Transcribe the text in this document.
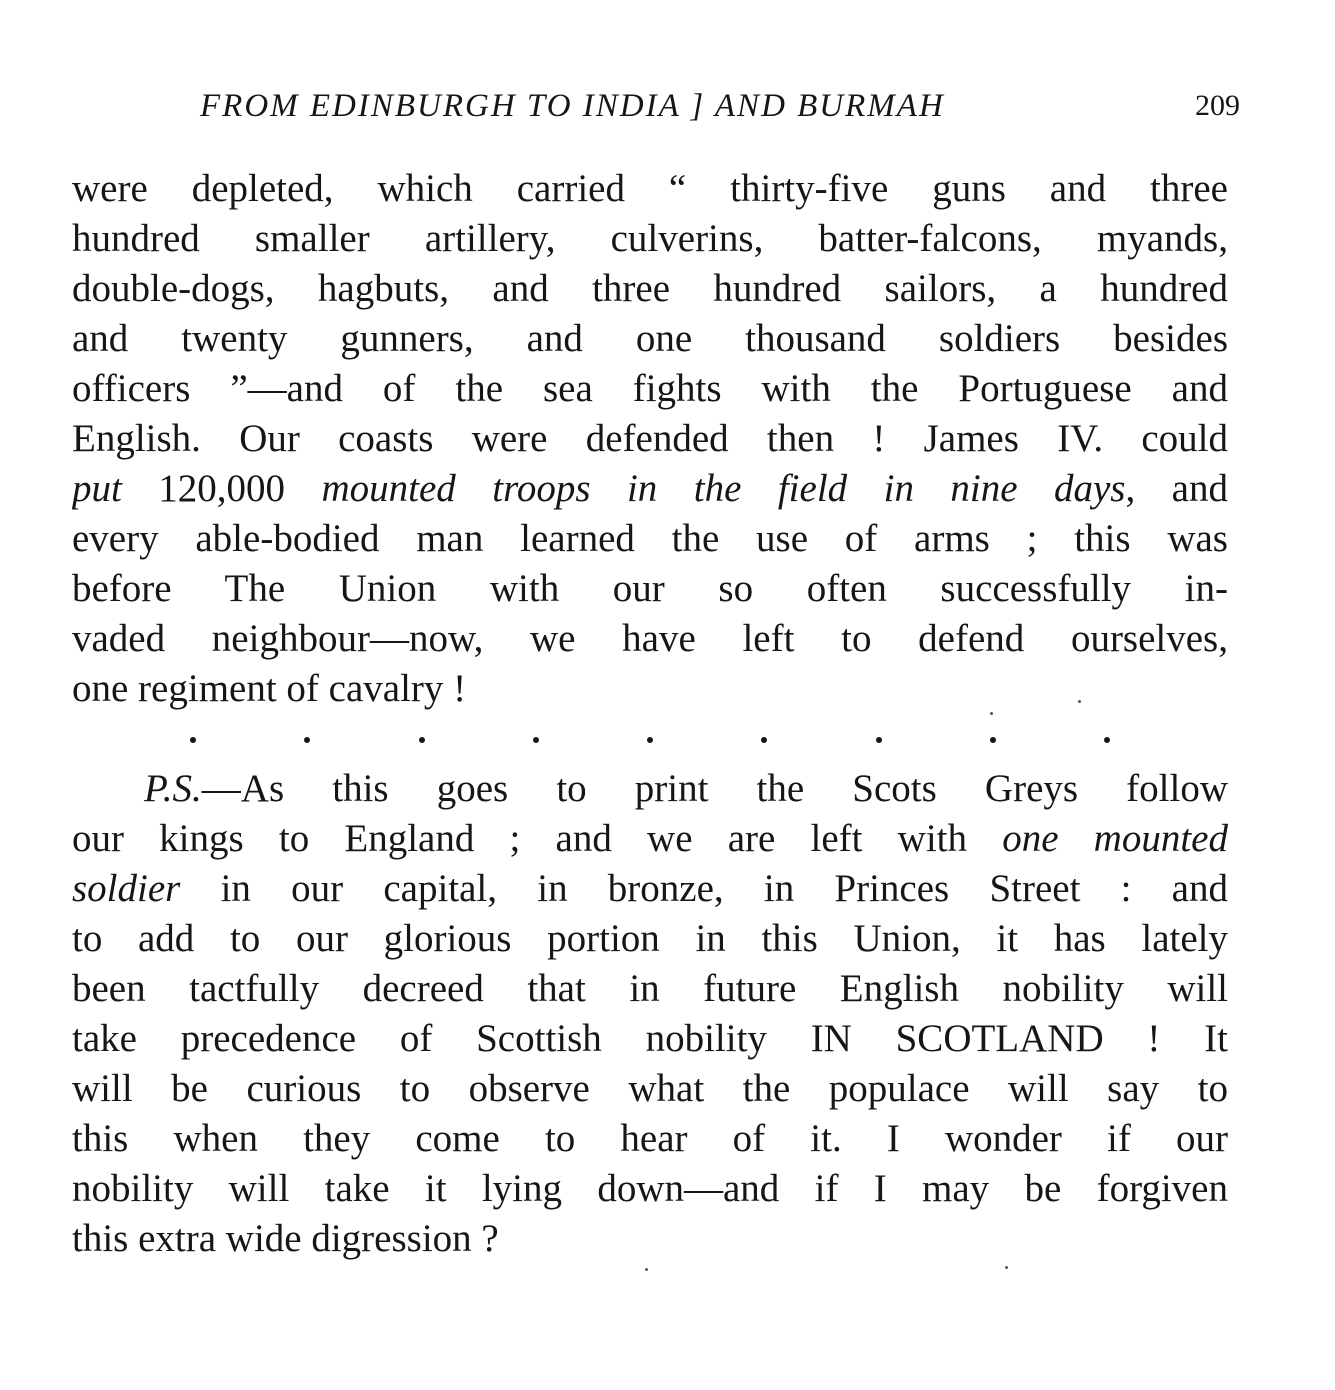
FROM EDINBURGH TO INDIA ] AND BURMAH	209
were depleted, which carried “ thirty-five guns and three
hundred smaller artillery, culverins, batter-falcons, myands,
double-dogs, hagbuts, and three hundred sailors, a hundred
and twenty gunners, and one thousand soldiers besides
officers ”—and of the sea fights with the Portuguese and
English. Our coasts were defended then ! James IV. could
put 120,000 mounted troops in the field in nine days, and
every able-bodied man learned the use of arms ; this was
before The Union with our so often successfully in-
vaded neighbour—now, we have left to defend ourselves,
one regiment of cavalry !
P.S.—As this goes to print the Scots Greys follow
our kings to England ; and we are left with one mounted
soldier in our capital, in bronze, in Princes Street : and
to add to our glorious portion in this Union, it has lately
been tactfully decreed that in future English nobility will
take precedence of Scottish nobility IN SCOTLAND ! It
will be curious to observe what the populace will say to
this when they come to hear of it. I wonder if our
nobility will take it lying down—and if I may be forgiven
this extra wide digression ?
